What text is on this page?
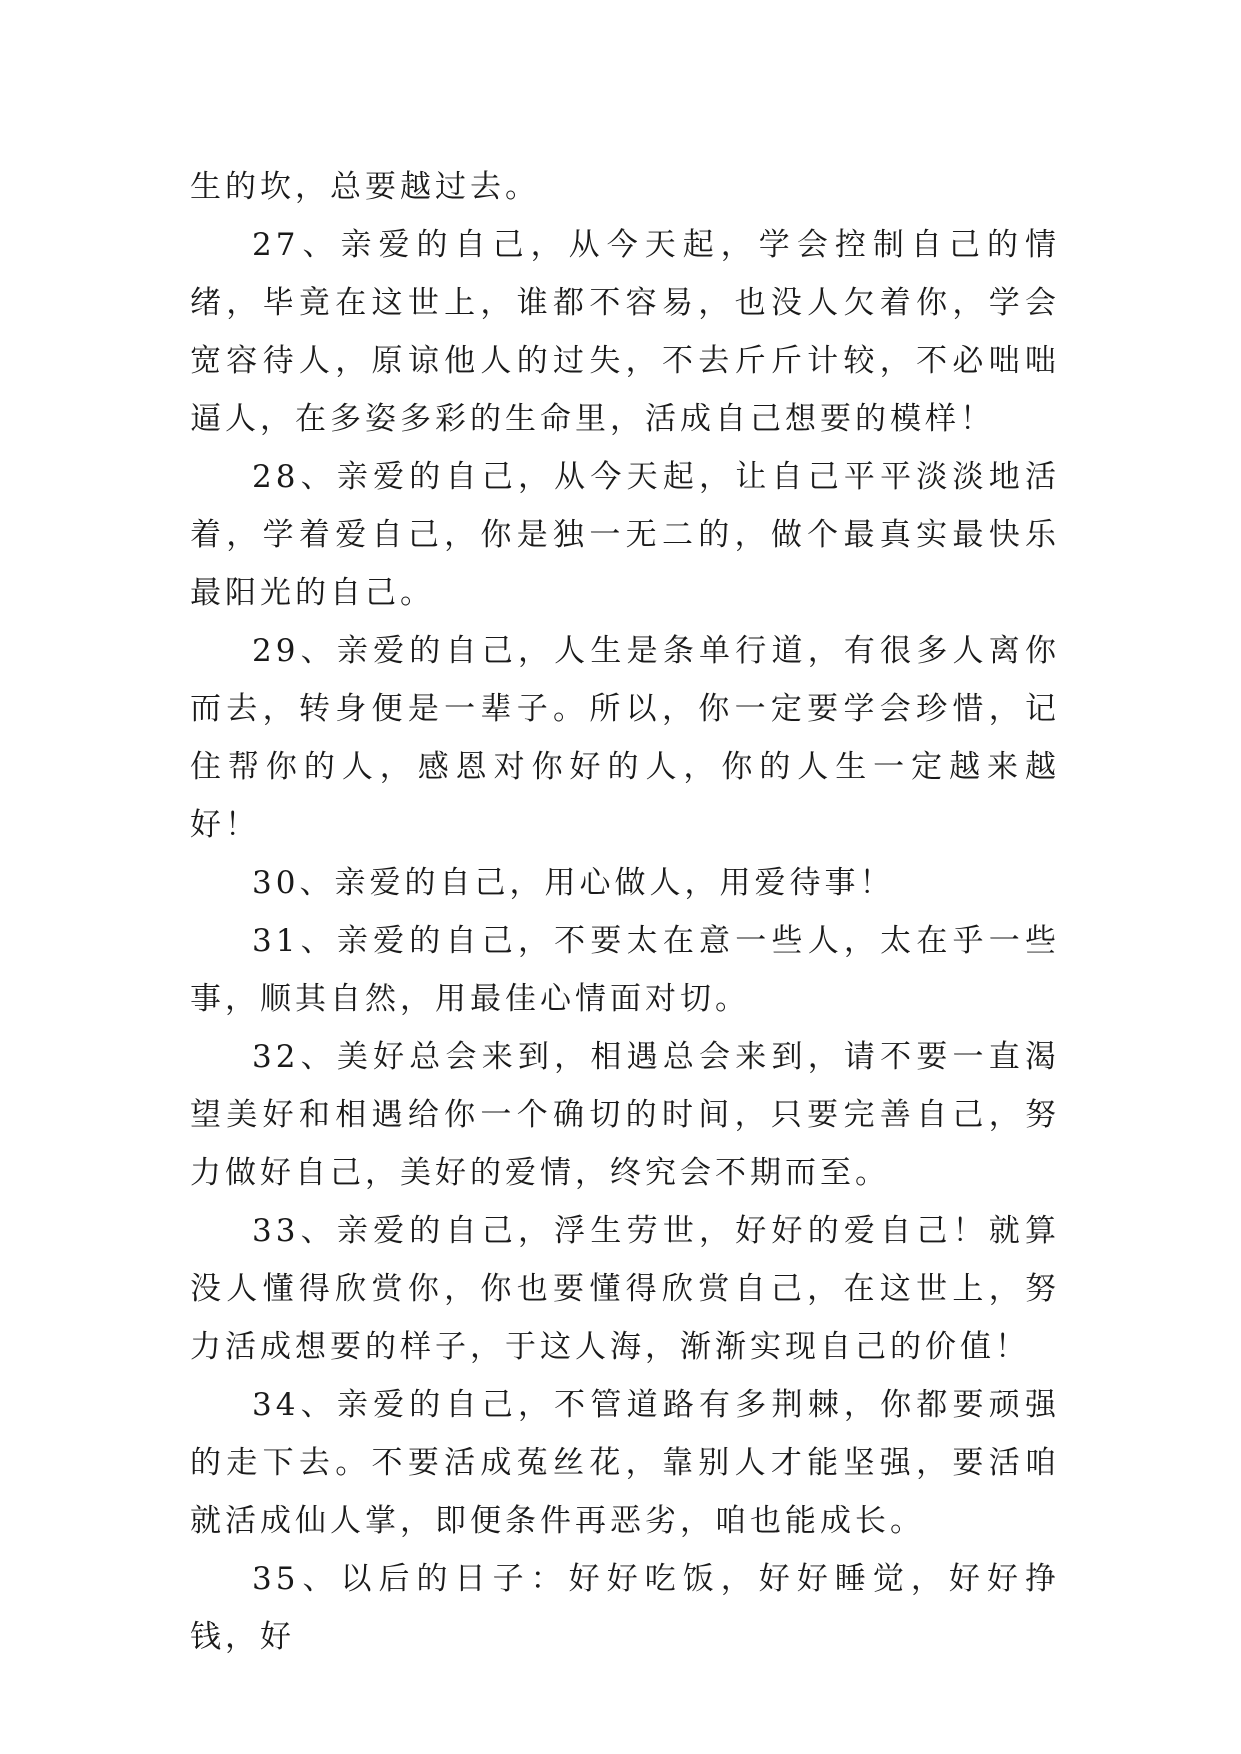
生的坎，总要越过去。

27、亲爱的自己，从今天起，学会控制自己的情绪，毕竟在这世上，谁都不容易，也没人欠着你，学会宽容待人，原谅他人的过失，不去斤斤计较，不必咄咄逼人，在多姿多彩的生命里，活成自己想要的模样！

28、亲爱的自己，从今天起，让自己平平淡淡地活着，学着爱自己，你是独一无二的，做个最真实最快乐最阳光的自己。

29、亲爱的自己，人生是条单行道，有很多人离你而去，转身便是一辈子。所以，你一定要学会珍惜，记住帮你的人，感恩对你好的人，你的人生一定越来越好！

30、亲爱的自己，用心做人，用爱待事！

31、亲爱的自己，不要太在意一些人，太在乎一些事，顺其自然，用最佳心情面对切。

32、美好总会来到，相遇总会来到，请不要一直渴望美好和相遇给你一个确切的时间，只要完善自己，努力做好自己，美好的爱情，终究会不期而至。

33、亲爱的自己，浮生劳世，好好的爱自己！就算没人懂得欣赏你，你也要懂得欣赏自己，在这世上，努力活成想要的样子，于这人海，渐渐实现自己的价值！

34、亲爱的自己，不管道路有多荆棘，你都要顽强的走下去。不要活成菟丝花，靠别人才能坚强，要活咱就活成仙人掌，即便条件再恶劣，咱也能成长。

35、以后的日子：好好吃饭，好好睡觉，好好挣钱，好
